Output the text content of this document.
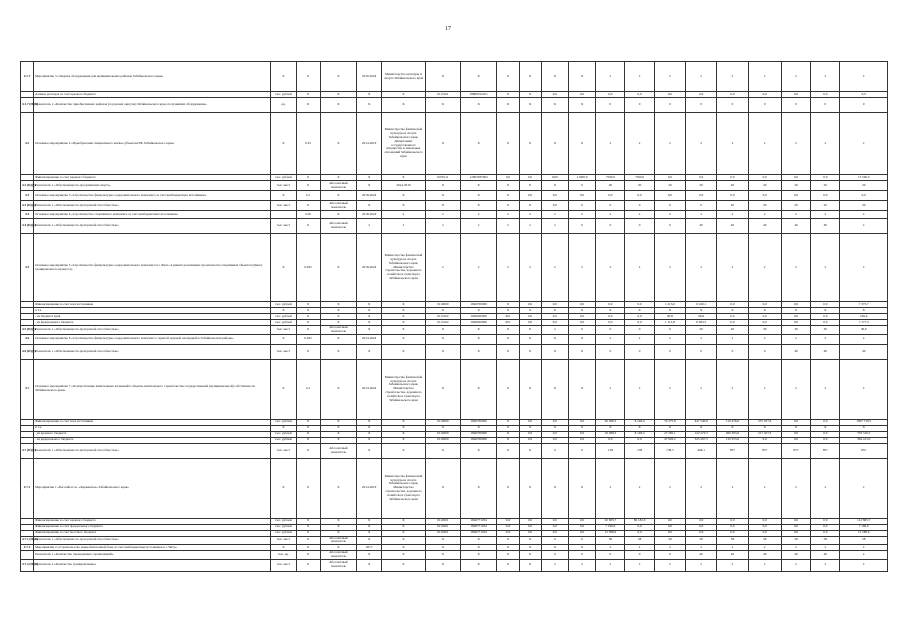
17
4.1.7	Мероприятие 3 «Закупка оборудования для муниципальных районов Забайкальского края»	X	X	X	2019-2024	Министерство культуры и спорта Забайкальского края	X	X	X	X	X	X	x	x	x	x	x	x	x	x	x
	Данные расходов за счет краевого бюджета	тыс. рублей	X	X	X	X	0113101	18800012101	X	X	0,0	0,0	0,0	0,0	0,0	0,0	0,0	0,0	0,0	0,0	0,0
4.1.7 (П)(6)	Показатель 1 «Количество приобретенных районов (городских округов) Забайкальского края, получивших оборудование»	ед.	X	X	X	X	X	X	X	X	X	X	0	0	0	0	0	0	0	0	0
4.2	Основное мероприятие 2 «Приобретение специального жилья субъектам РФ Забайкальского края»	X	0,25	X	2014-2019	Министерство физической культуры и спорта Забайкальского края, Департамент государственного имущества и земельных отношений Забайкальского края	X	X	X	X	X	X	x	x	x	x	x	x	x	x	x
	Финансирование за счет краевого бюджета	тыс. рублей	X	X	X	X	0470111	12003037002	0,0	0,0	0,00	11000,0	7500,0	7500,0	0,0	0,0	0,0	0,0	0,0	0,0	15 500,0
4.2 (П)(6)	Показатель 1 «Обеспеченность программами спорта»	тыс. мест	X	Абсолютный показатель	X	2014-2019	X	X	X	X	X	0	20	20	20	20	20	20	20	20	20
4.3	Основное мероприятие 3 «Строительство физкультурно-оздоровительного комплекса за счет внебюджетных источников»	X	0,1	X	2018-2024	X	X	X	X	0,0	0,0	0,0	0,0	0,0	0,0	0,0	0,0	0,0	0,0	0,0	0,0
4.3 (П)(6)	Показатель 1 «Обеспеченность пропускной способностью»	тыс. мест	X	Абсолютный показатель	X	X	X	X	X	X	0,0	0	0	0	0	0	20	20	20	20	20
4.4	Основное мероприятие 4 «Строительство спортивного комплекса за счет внебюджетных источников»		0,05	X	2018-2024	x	x	x	x	x	x	x	x	x	x	x	x	x	x	x	x
4.4 (П)(6)	Показатель 1 «Обеспеченность пропускной способностью»	тыс. мест	X	Абсолютный показатель	x	x	x	x	x	x	x	0	0	0	0	40	40	40	40	40	x
4.5	Основное мероприятие 5 «Строительство физкультурно-оздоровительного комплекса в г. Чите» в рамках реализации строительства спортивных объектов (Центр тренировочного процесса)	X	0,025	X	2018-2024	Министерство физической культуры и спорта Забайкальского края, Министерство строительства, дорожного хозяйства и транспорта Забайкальского края	x	x	x	x	x	x	x	x	x	x	x	x	x	x	x
	Финансирование за счет всех источников	тыс. рублей	X	X	X	X	0110000	1840700000	X	0,0	0,0	0,0	0,0	0,0	1 213,6	6 160,1	0,0	0,0	0,0	0,0	7 373,7
	в т.ч.	X	X	X	X	X	X	X	X	X	X	X	X	X	X	X	X	X	X	X	X
	- из бюджета края	тыс. рублей	X	X	X	X	0113102	1840020000	601	0,0	0,0	0,0	0,0	0,0	99,8	96,6	0,0	0,0	0,0	0,0	196,4
	- из федерального бюджета	тыс. рублей	X	X	X	X	0113102	1840020000	601	0,0	0,0	0,0	0,0	0,0	1 113,8	6 063,5	0,0	0,0	0,0	0,0	7 177,3
4.5 (П)(6)	Показатель 1 «Обеспеченность пропускной способностью»	тыс. мест	X	Абсолютный показатель	X	X	X	X	X	X	x	0	0	0	0	20	20	30	30	30	30,0
4.6	Основное мероприятие 6 «Строительство физкультурно-оздоровительного комплекса с крытой ледовой площадкой в Забайкальском районе»	X	0,025	X	2014-2024	X	X	X	X	X	X	X	x	x	x	x	x	x	x	x	x
4.6 (П)(6)	Показатель 1 «Обеспеченность пропускной способностью»	тыс. мест	X	X	X	X	X	X	X	X	X	X	0	0	0	0	0	0	40	40	40
4.7	Основное мероприятие 7 «Осуществление капитальных вложений в объекты капитального строительства государственной (муниципальной) собственности Забайкальского края»	X	0,1	X	2014-2024	Министерство физической культуры и спорта Забайкальского края, Министерство строительства, дорожного хозяйства и транспорта Забайкальского края	X	X	X	X	X	X	x	x	x	x	x	x	x	x	x
	Финансирование за счет всех источников	тыс. рублей	X	X	X	X	0110000	1840700000	X	0,0	0,0	0,0	20 288,3	8 148,4	74 275,8	447 540,8	110 476,8	257 457,6	0,0	0,0	1097 719,5
	в т.ч.	X	X	X	X	X	X	X	X	X	X	X	X	X	X	X	X	X	X	X	X
	- из краевого бюджета	тыс. рублей	X	X	X	X	0110000	1840700000	X	0,0	0,0	0,0	16 288,3	8 148,4	27 282,1	122 273,3	200 363,6	217 457,6	0,0	0,0	703 316,5
	- из федерального бюджета	тыс. рублей	X	X	X	X	0110000	1840700000	X	0,0	0,0	0,0	0,0	0,0	47 993,2	325 267,5	132 253,0	0,0	0,0	0,0	394 413,0
4.7 (П)(6)	Показатель 1 «Обеспеченность пропускной способностью»	тыс. мест	X	Абсолютный показатель	X	X	X	X	X	X	0	0	138	138	138,5	466,1	857	857	857	857	857
4.7.1	Мероприятие 1 «Бассейн в г.п. «Карымское» Забайкальского края»	X	X	X	2014-2019	Министерство физической культуры и спорта Забайкальского края, Министерство строительства, дорожного хозяйства и транспорта Забайкальского края	X	X	X	X	X	X	x	x	x	x	x	x	x	x	x
	Финансирование за счет краевого бюджета	тыс. рублей	X	X	X	X	0110201	1840771054	522	0,0	0,0	0,0	20 683,7	86 182,0	0,0	0,0	0,0	0,0	0,0	0,0	112 865,7
	Финансирование за счет федерального бюджета	тыс. рублей	X	X	X	X	0110201	1840771054	522	0,0	0,0	0,0	7 199,6	0,0	0,0	0,0	0,0	0,0	0,0	0,0	7 199,6
	Финансирование за счет местного бюджета	тыс. рублей	X	X	X	X	0110201	1840771054	522	0,0	0,0	0,0	12 588,6	0,0	0,0	0,0	0,0	0,0	0,0	0,0	12 588,6
4.7.1 (П)(6)	Показатель 1 «Обеспеченность пропускной способностью»	тыс. мест	X	Абсолютный показатель	X	X	X	X	X	X	0	0	58	58	58	58	58	58	58	58	58
4.7.2	Мероприятие 2 «Строительство лыже-биатлонной базы за счет внебюджетных источников в г. Чите»	X	X	X	2017	X	X	X	X	X	X	X	x	x	x	x	x	x	x	x	x
	Показатель 1 «Количество проведенных соревнований»	тыс. ед.	X	Абсолютный показатель	X	X	X	X	X	X	0	0	0	0	0	40	40	40	40	40	x
4.7.2 (П)(6)	Показатель 2 «Количество тренировочных»	тыс. мест	X	Абсолютный показатель	X	X	X	X	X	X	x	x	x	x	x	x	x	x	x	x	x
